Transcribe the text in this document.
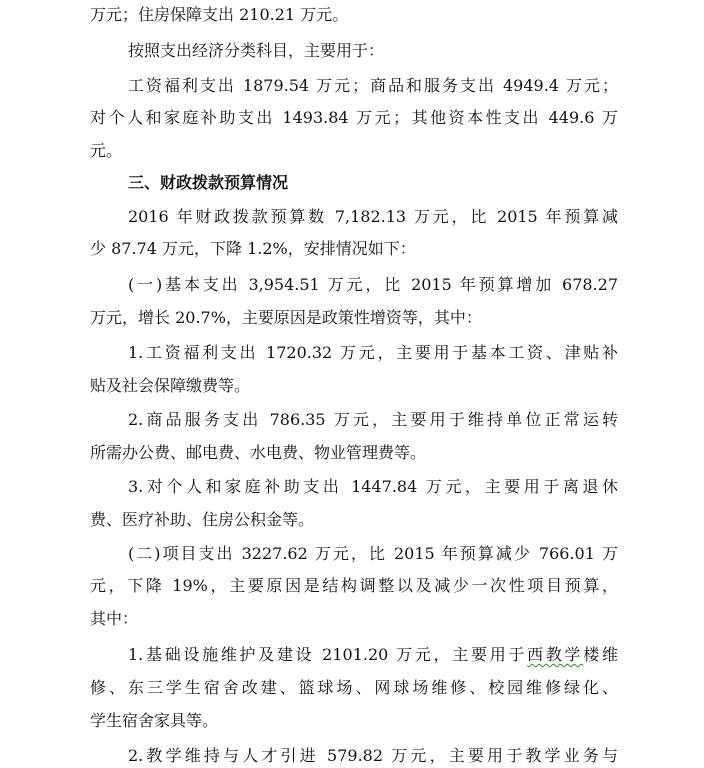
万元；住房保障支出 210.21 万元。
按照支出经济分类科目，主要用于：
工资福利支出 1879.54 万元；商品和服务支出 4949.4 万元；
对个人和家庭补助支出 1493.84 万元；其他资本性支出 449.6 万
元。
三、财政拨款预算情况
2016 年财政拨款预算数 7,182.13 万元，比 2015 年预算减
少 87.74 万元，下降 1.2%，安排情况如下：
(一)基本支出 3,954.51 万元，比 2015 年预算增加 678.27
万元，增长 20.7%，主要原因是政策性增资等，其中：
1.工资福利支出 1720.32 万元，主要用于基本工资、津贴补
贴及社会保障缴费等。
2.商品服务支出 786.35 万元，主要用于维持单位正常运转
所需办公费、邮电费、水电费、物业管理费等。
3.对个人和家庭补助支出 1447.84 万元，主要用于离退休
费、医疗补助、住房公积金等。
(二)项目支出 3227.62 万元，比 2015 年预算减少 766.01 万
元，下降 19%，主要原因是结构调整以及减少一次性项目预算，
其中：
1.基础设施维护及建设 2101.20 万元，主要用于西教学楼维
修、东三学生宿舍改建、篮球场、网球场维修、校园维修绿化、
学生宿舍家具等。
2.教学维持与人才引进 579.82 万元，主要用于教学业务与
